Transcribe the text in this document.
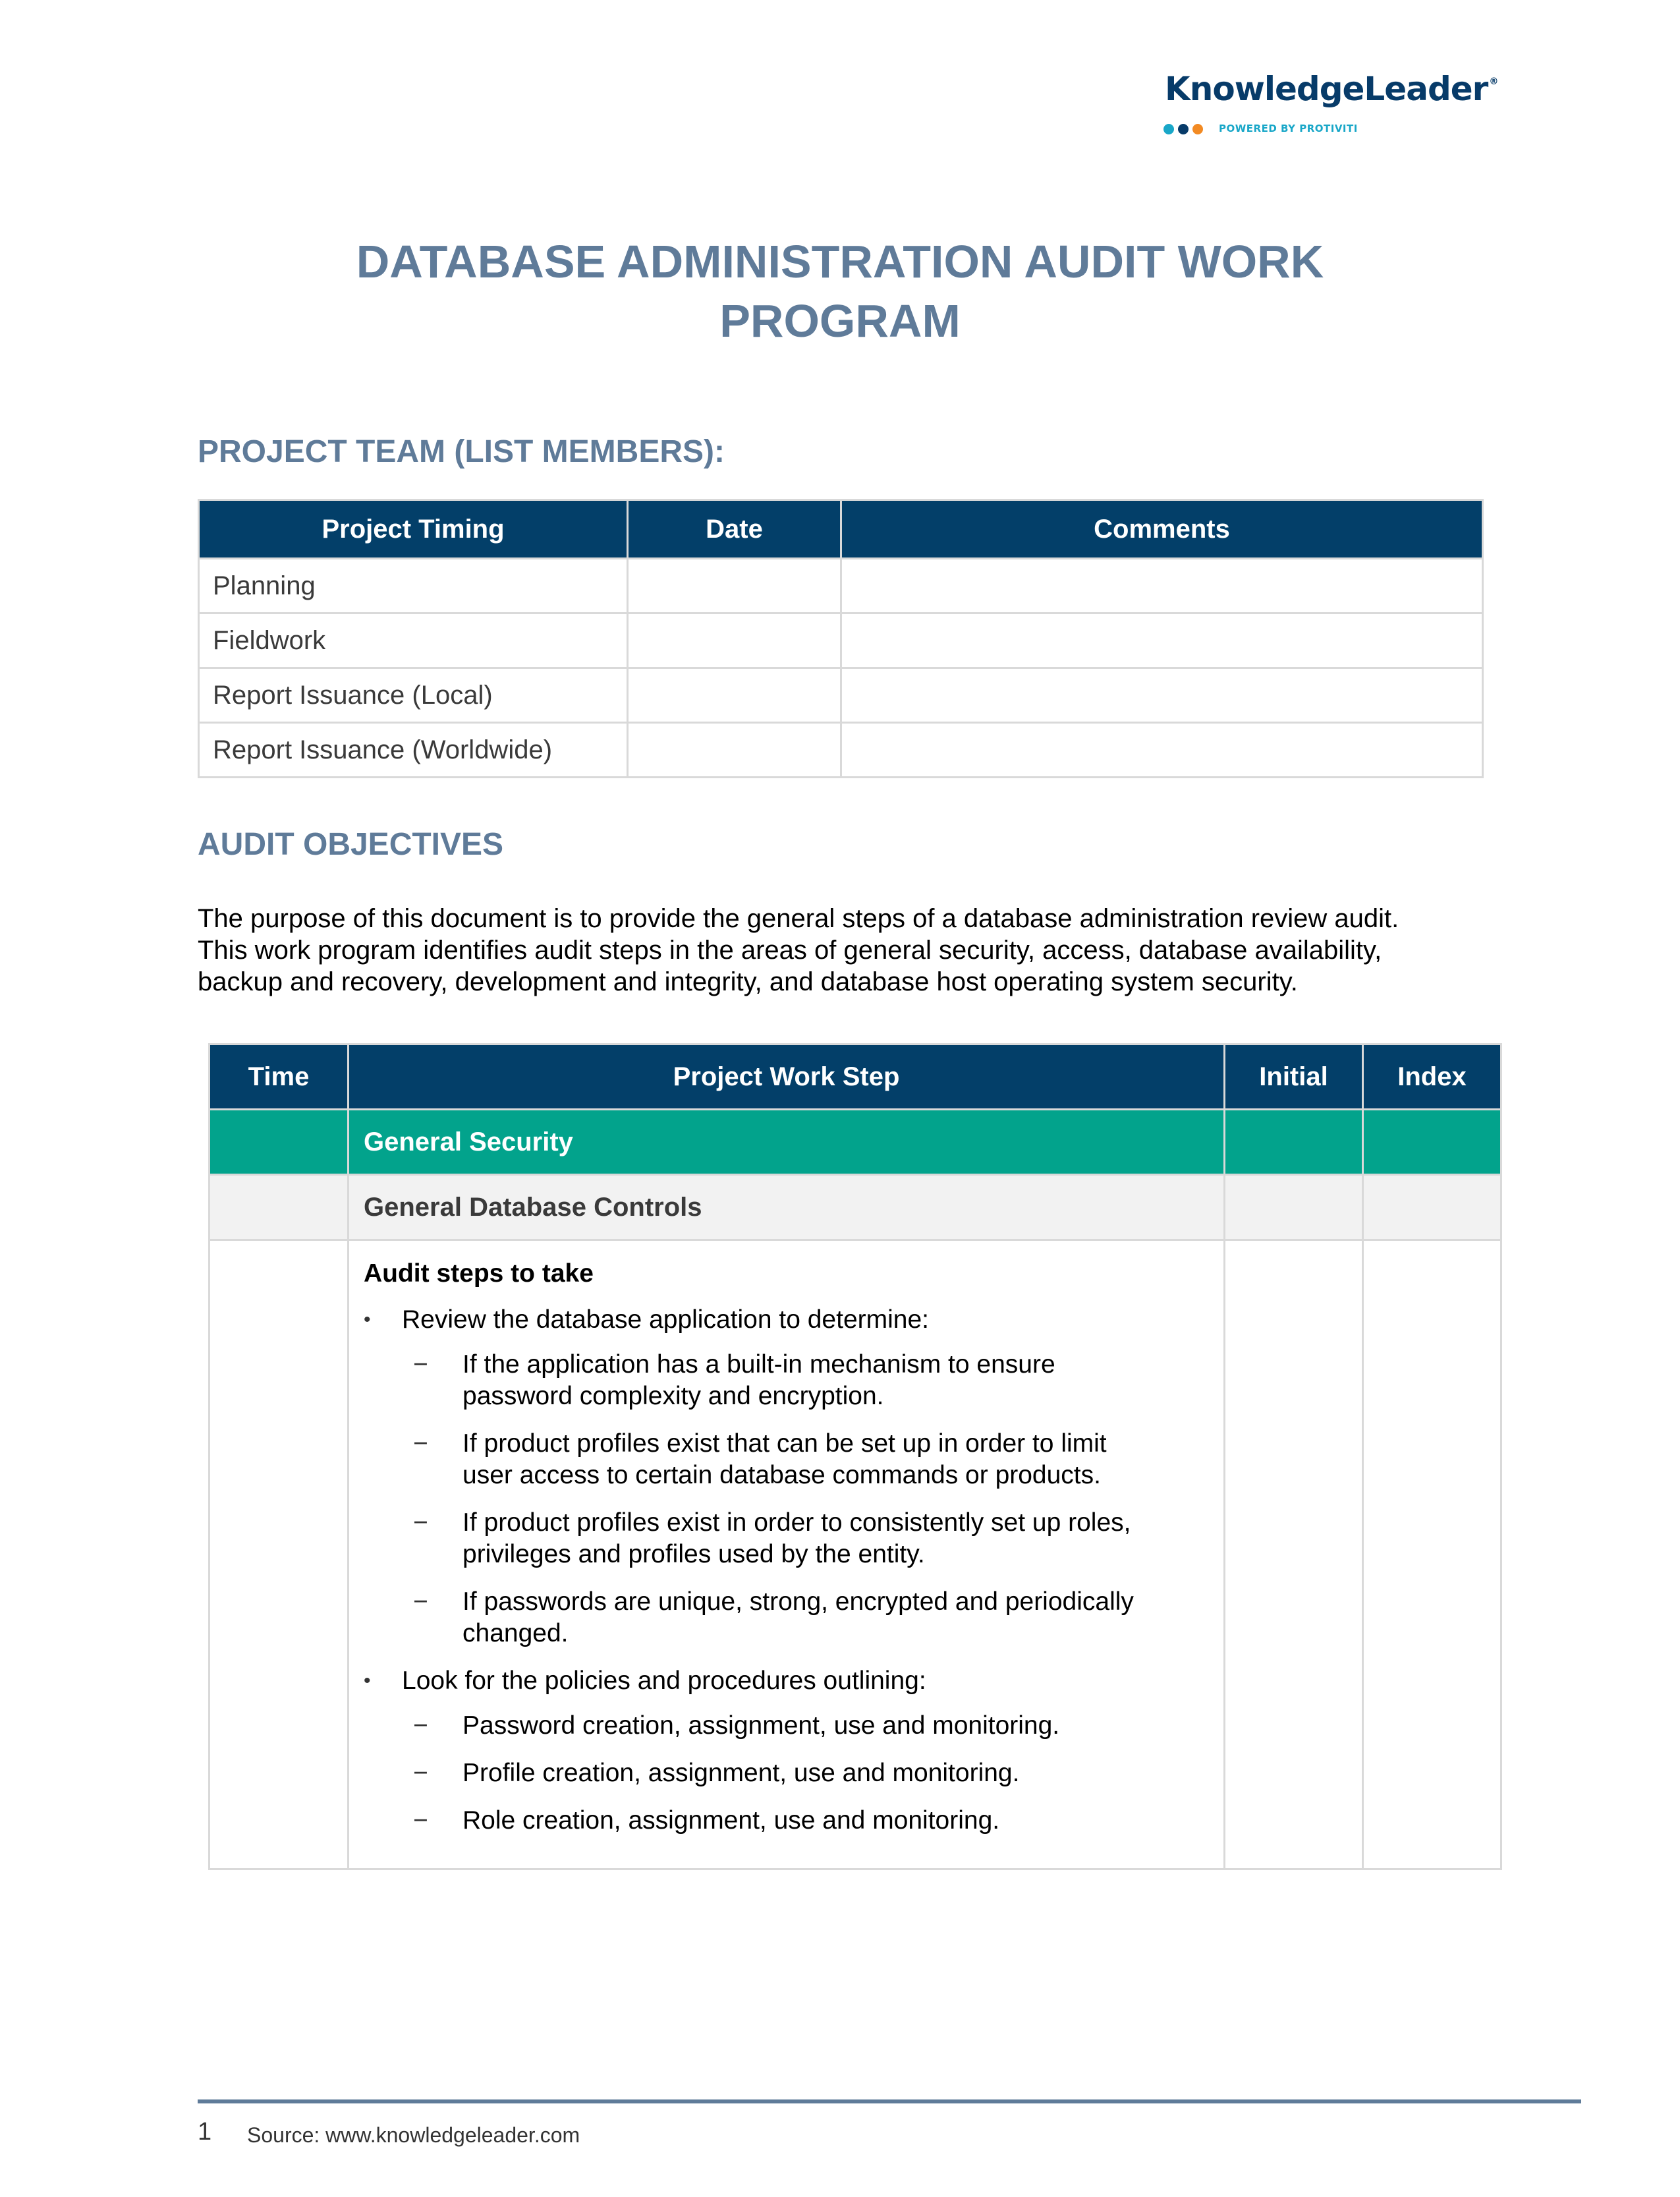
KnowledgeLeader ®
POWERED BY PROTIVITI
DATABASE ADMINISTRATION AUDIT WORK
PROGRAM
PROJECT TEAM (LIST MEMBERS):
Project Timing	Date	Comments
Planning		
Fieldwork		
Report Issuance (Local)		
Report Issuance (Worldwide)		
AUDIT OBJECTIVES
The purpose of this document is to provide the general steps of a database administration review audit.
This work program identifies audit steps in the areas of general security, access, database availability,
backup and recovery, development and integrity, and database host operating system security.
Time	Project Work Step	Initial	Index
	General Security		
	General Database Controls		

Audit steps to take
• Review the database application to determine:
− If the application has a built-in mechanism to ensure password complexity and encryption.
− If product profiles exist that can be set up in order to limit user access to certain database commands or products.
− If product profiles exist in order to consistently set up roles, privileges and profiles used by the entity.
− If passwords are unique, strong, encrypted and periodically changed.
• Look for the policies and procedures outlining:
− Password creation, assignment, use and monitoring.
− Profile creation, assignment, use and monitoring.
− Role creation, assignment, use and monitoring.

1 Source: www.knowledgeleader.com
